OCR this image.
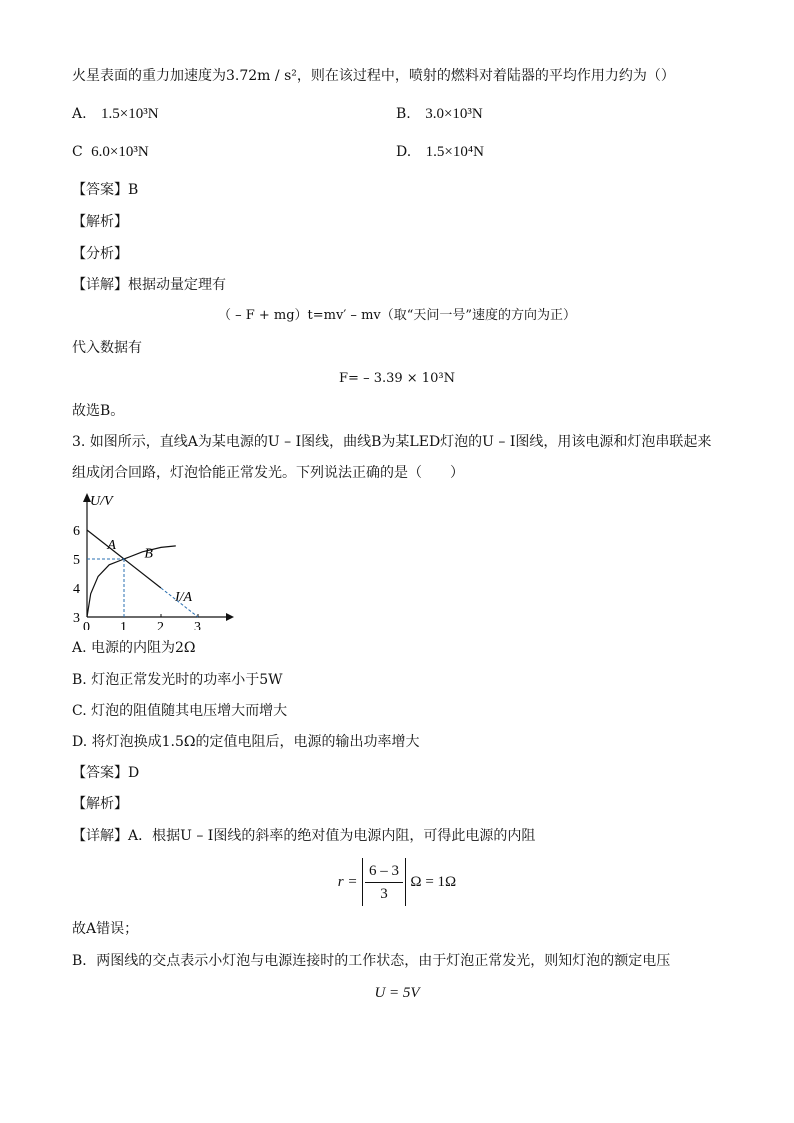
火星表面的重力加速度为3.72m / s²，则在该过程中，喷射的燃料对着陆器的平均作用力约为（）
A. 1.5×10³N	B. 3.0×10³N
C 6.0×10³N	D. 1.5×10⁴N
【答案】B
【解析】
【分析】
【详解】根据动量定理有
（ – F + mg）t=mv′ – mv（取“天问一号”速度的方向为正）
代入数据有
F= – 3.39 × 10³N
故选B。
3. 如图所示，直线A为某电源的U – I图线，曲线B为某LED灯泡的U – I图线，用该电源和灯泡串联起来
组成闭合回路，灯泡恰能正常发光。下列说法正确的是（　　）
I/A
U/V
0 1 2 3
3
4
5
6
A
B
A. 电源的内阻为2Ω
B. 灯泡正常发光时的功率小于5W
C. 灯泡的阻值随其电压增大而增大
D. 将灯泡换成1.5Ω的定值电阻后，电源的输出功率增大
【答案】D
【解析】
【详解】A．根据U – I图线的斜率的绝对值为电源内阻，可得此电源的内阻
$r = \frac{6 - 3}{3}$ Ω = 1Ω
故A错误；
B．两图线的交点表示小灯泡与电源连接时的工作状态，由于灯泡正常发光，则知灯泡的额定电压
U = 5V
